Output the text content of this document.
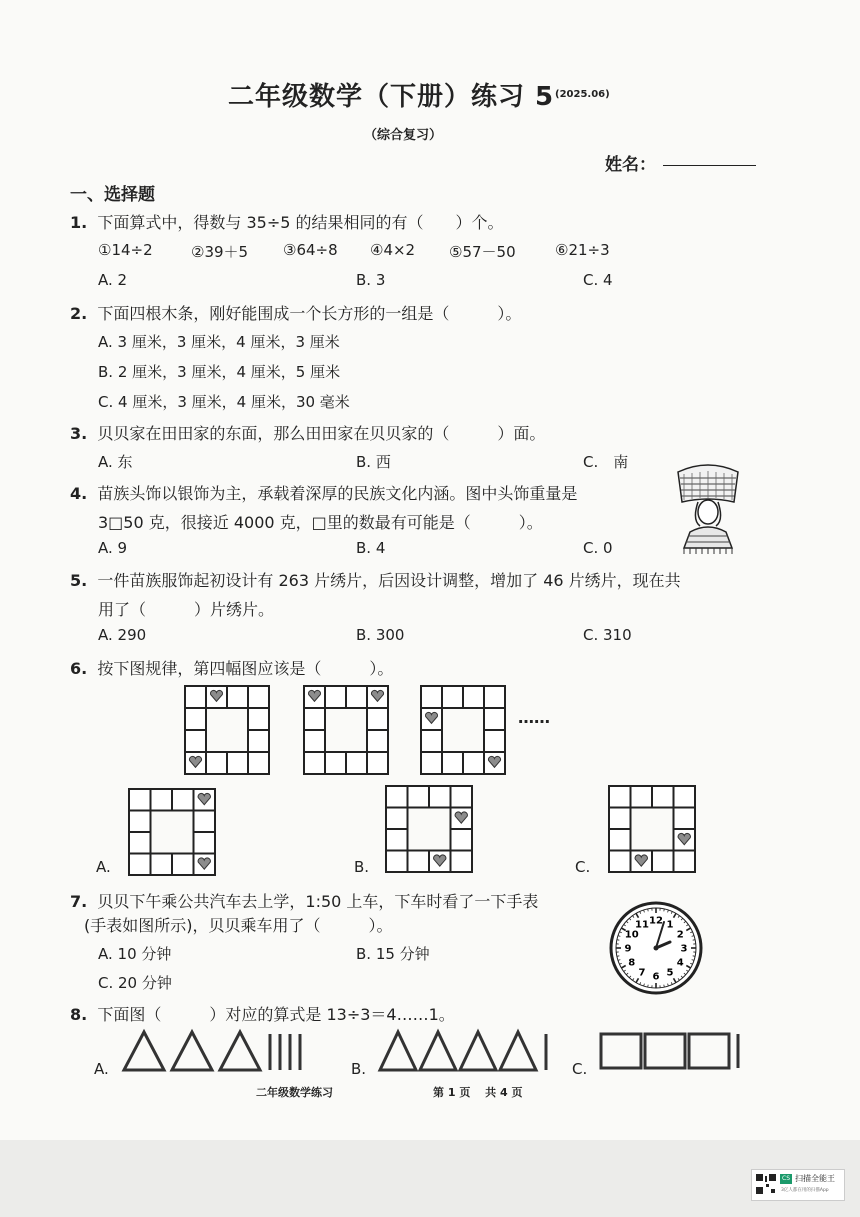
二年级数学（下册）练习 5 (2025.06)
（综合复习）
姓名：
一、选择题
1. 下面算式中，得数与 35÷5 的结果相同的有（　　）个。
①14÷2	②39＋5 ③64÷8 ④4×2 ⑤57－50	⑥21÷3
A. 2	B. 3	C. 4
2. 下面四根木条，刚好能围成一个长方形的一组是（　　　）。
A. 3 厘米，3 厘米，4 厘米，3 厘米
B. 2 厘米，3 厘米，4 厘米，5 厘米
C. 4 厘米，3 厘米，4 厘米，30 毫米
3. 贝贝家在田田家的东面，那么田田家在贝贝家的（　　　）面。
A. 东	B. 西	C.　南
4. 苗族头饰以银饰为主，承载着深厚的民族文化内涵。图中头饰重量是
3□50 克，很接近 4000 克，□里的数最有可能是（　　　）。
A. 9	B. 4	C. 0
5. 一件苗族服饰起初设计有 263 片绣片，后因设计调整，增加了 46 片绣片，现在共
用了（　　　）片绣片。
A. 290	B. 300	C. 310
6. 按下图规律，第四幅图应该是（　　　）。
……
A.	B.	C.
7. 贝贝下午乘公共汽车去上学，1:50 上车，下车时看了一下手表
(手表如图所示)，贝贝乘车用了（　　　）。
A. 10 分钟	B. 15 分钟
C. 20 分钟
12 1
2
3
4
5
6
7
8
9
10
11
8. 下面图（　　　）对应的算式是 13÷3＝4……1。
A.	B.	C.
二年级数学练习	第 1 页　 共 4 页
CS 扫描全能王
3亿人都在用的扫描App
